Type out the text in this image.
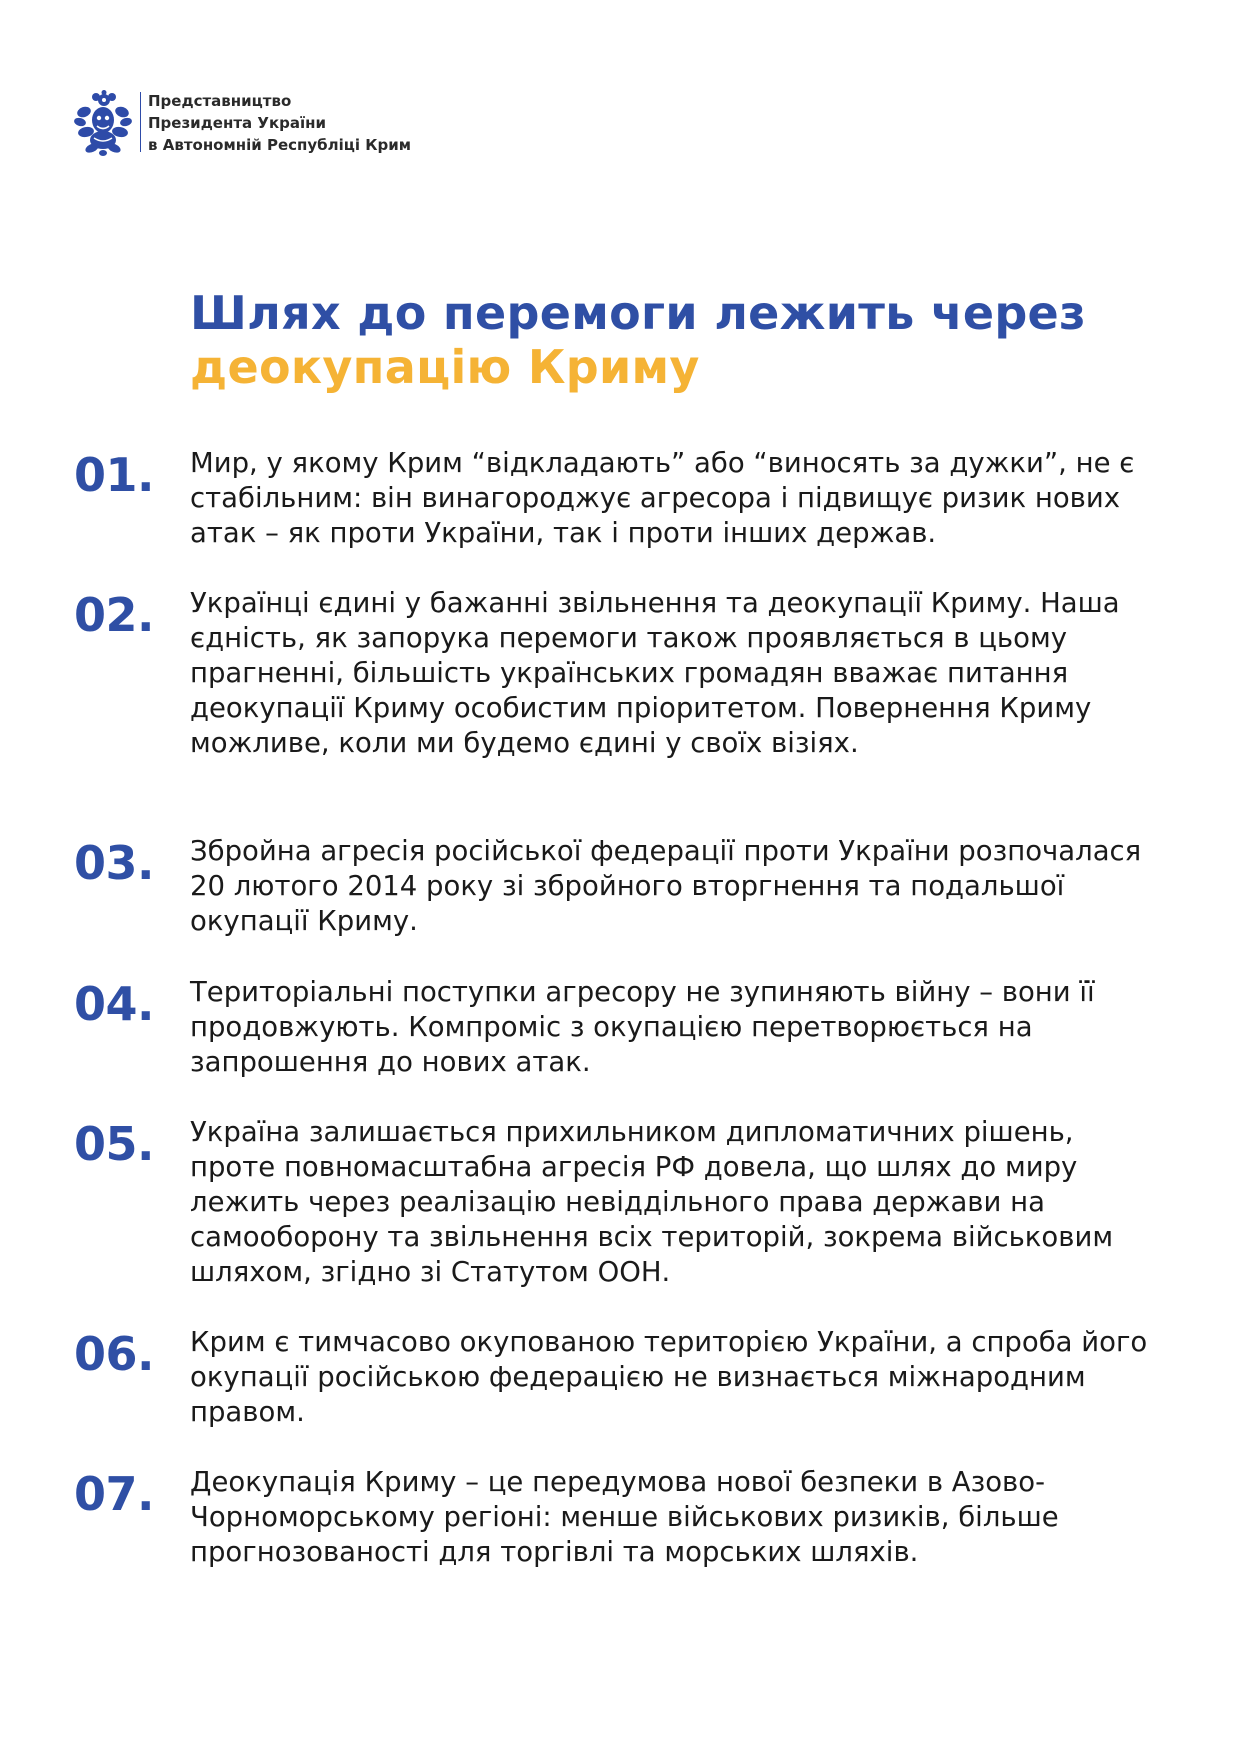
Представництво
Президента України
в Автономній Республіці Крим
Шлях до перемоги лежить через
деокупацію Криму
01.	Мир, у якому Крим “відкладають” або “виносять за дужки”, не є стабільним: він винагороджує агресора і підвищує ризик нових атак – як проти України, так і проти інших держав.
02.	Українці єдині у бажанні звільнення та деокупації Криму. Наша єдність, як запорука перемоги також проявляється в цьому прагненні, більшість українських громадян вважає питання деокупації Криму особистим пріоритетом. Повернення Криму можливе, коли ми будемо єдині у своїх візіях.
03.	Збройна агресія російської федерації проти України розпочалася 20 лютого 2014 року зі збройного вторгнення та подальшої окупації Криму.
04.	Територіальні поступки агресору не зупиняють війну – вони її продовжують. Компроміс з окупацією перетворюється на запрошення до нових атак.
05.	Україна залишається прихильником дипломатичних рішень, проте повномасштабна агресія РФ довела, що шлях до миру лежить через реалізацію невіддільного права держави на самооборону та звільнення всіх територій, зокрема військовим шляхом, згідно зі Статутом ООН.
06.	Крим є тимчасово окупованою територією України, а спроба його окупації російською федерацією не визнається міжнародним правом.
07.	Деокупація Криму – це передумова нової безпеки в Азово-Чорноморському регіоні: менше військових ризиків, більше прогнозованості для торгівлі та морських шляхів.
